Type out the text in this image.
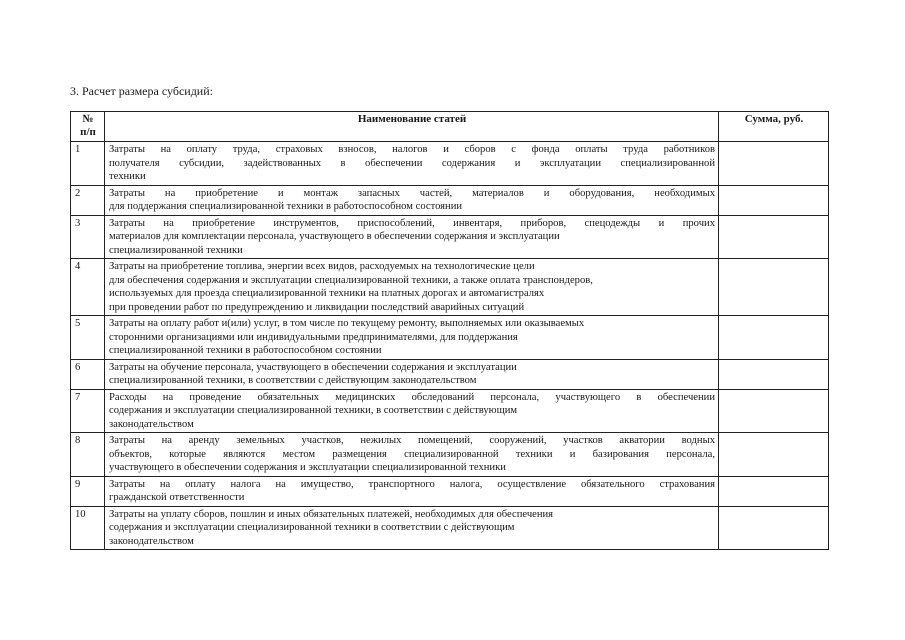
3. Расчет размера субсидий:
№
п/п	Наименование статей	Сумма, руб.
1	Затраты на оплату труда, страховых взносов, налогов и сборов с фонда оплаты труда работников
получателя субсидии, задействованных в обеспечении содержания и эксплуатации специализированной
техники	

2	Затраты на приобретение и монтаж запасных частей, материалов и оборудования, необходимых
для поддержания специализированной техники в работоспособном состоянии	

3	Затраты на приобретение инструментов, приспособлений, инвентаря, приборов, спецодежды и прочих
материалов для комплектации персонала, участвующего в обеспечении содержания и эксплуатации
специализированной техники	

4	Затраты на приобретение топлива, энергии всех видов, расходуемых на технологические цели
для обеспечения содержания и эксплуатации специализированной техники, а также оплата транспондеров,
используемых для проезда специализированной техники на платных дорогах и автомагистралях
при проведении работ по предупреждению и ликвидации последствий аварийных ситуаций	

5	Затраты на оплату работ и(или) услуг, в том числе по текущему ремонту, выполняемых или оказываемых
сторонними организациями или индивидуальными предпринимателями, для поддержания
специализированной техники в работоспособном состоянии	

6	Затраты на обучение персонала, участвующего в обеспечении содержания и эксплуатации
специализированной техники, в соответствии с действующим законодательством	

7	Расходы на проведение обязательных медицинских обследований персонала, участвующего в обеспечении
содержания и эксплуатации специализированной техники, в соответствии с действующим
законодательством	

8	Затраты на аренду земельных участков, нежилых помещений, сооружений, участков акватории водных
объектов, которые являются местом размещения специализированной техники и базирования персонала,
участвующего в обеспечении содержания и эксплуатации специализированной техники	

9	Затраты на оплату налога на имущество, транспортного налога, осуществление обязательного страхования
гражданской ответственности	

10	Затраты на уплату сборов, пошлин и иных обязательных платежей, необходимых для обеспечения
содержания и эксплуатации специализированной техники в соответствии с действующим
законодательством	
